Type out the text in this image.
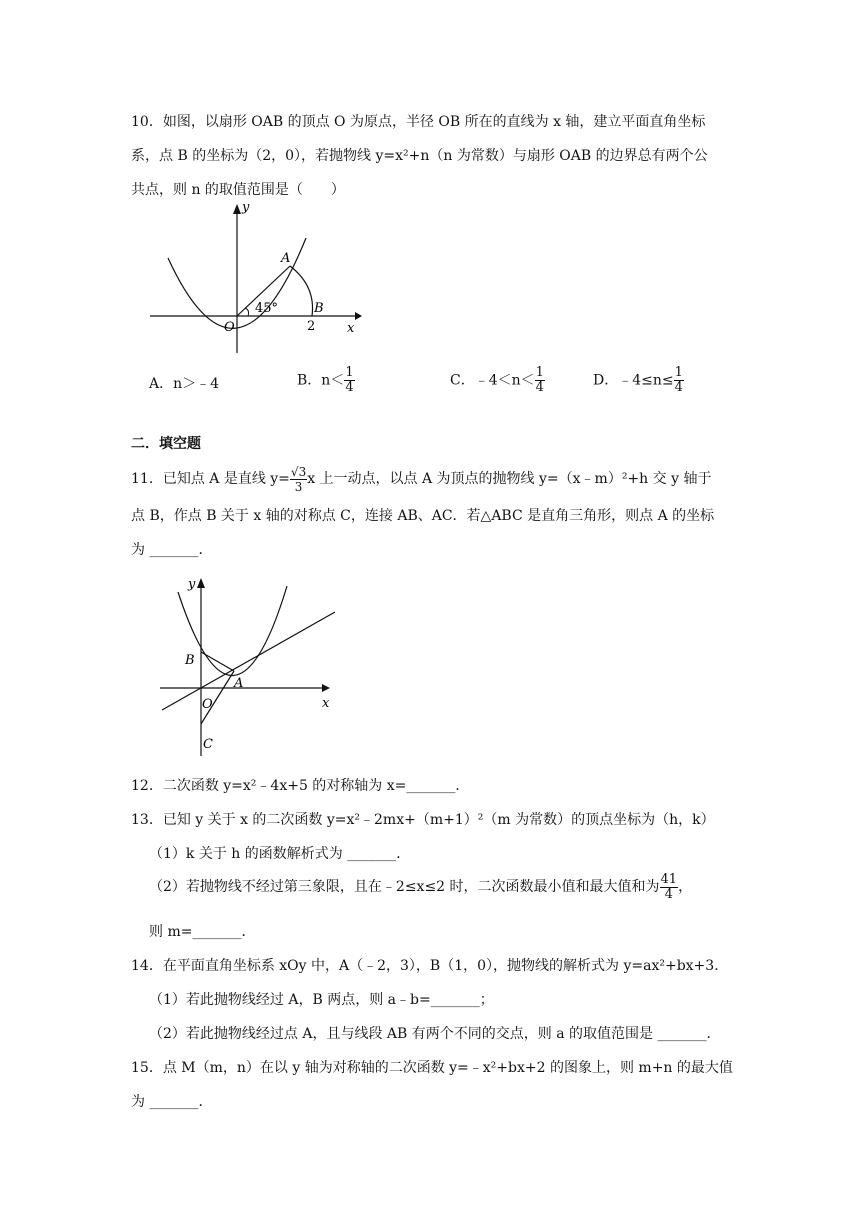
10．如图，以扇形 OAB 的顶点 O 为原点，半径 OB 所在的直线为 x 轴，建立平面直角坐标
系，点 B 的坐标为（2，0），若抛物线 y=x²+n（n 为常数）与扇形 OAB 的边界总有两个公
共点，则 n 的取值范围是（　　）
45°
y
x
O
A
B
2
A．n＞﹣4	B．$n< \frac{1}{4}$	C．﹣4＜n＜ $\frac{1}{4}$	D．﹣4≤n≤ $\frac{1}{4}$
二．填空题
11．已知点 A 是直线 $y= \frac{√3}{3}$ x 上一动点，以点 A 为顶点的抛物线 y=（x﹣m）²+h 交 y 轴于
点 B，作点 B 关于 x 轴的对称点 C，连接 AB、AC．若△ABC 是直角三角形，则点 A 的坐标
为 _______．
y
x
O
A
B
C
12．二次函数 y=x²﹣4x+5 的对称轴为 x=_______．
13．已知 y 关于 x 的二次函数 y=x²﹣2mx+（m+1）²（m 为常数）的顶点坐标为（h，k）
（1）k 关于 h 的函数解析式为 _______．
（2）若抛物线不经过第三象限，且在﹣2≤x≤2 时，二次函数最小值和最大值和为 $\frac{41}{4}$ ，
则 m=_______．
14．在平面直角坐标系 xOy 中，A（﹣2，3），B（1，0），抛物线的解析式为 y=ax²+bx+3．
（1）若此抛物线经过 A，B 两点，则 a﹣b=_______；
（2）若此抛物线经过点 A，且与线段 AB 有两个不同的交点，则 a 的取值范围是 _______．
15．点 M（m，n）在以 y 轴为对称轴的二次函数 y=﹣x²+bx+2 的图象上，则 m+n 的最大值
为 _______．
